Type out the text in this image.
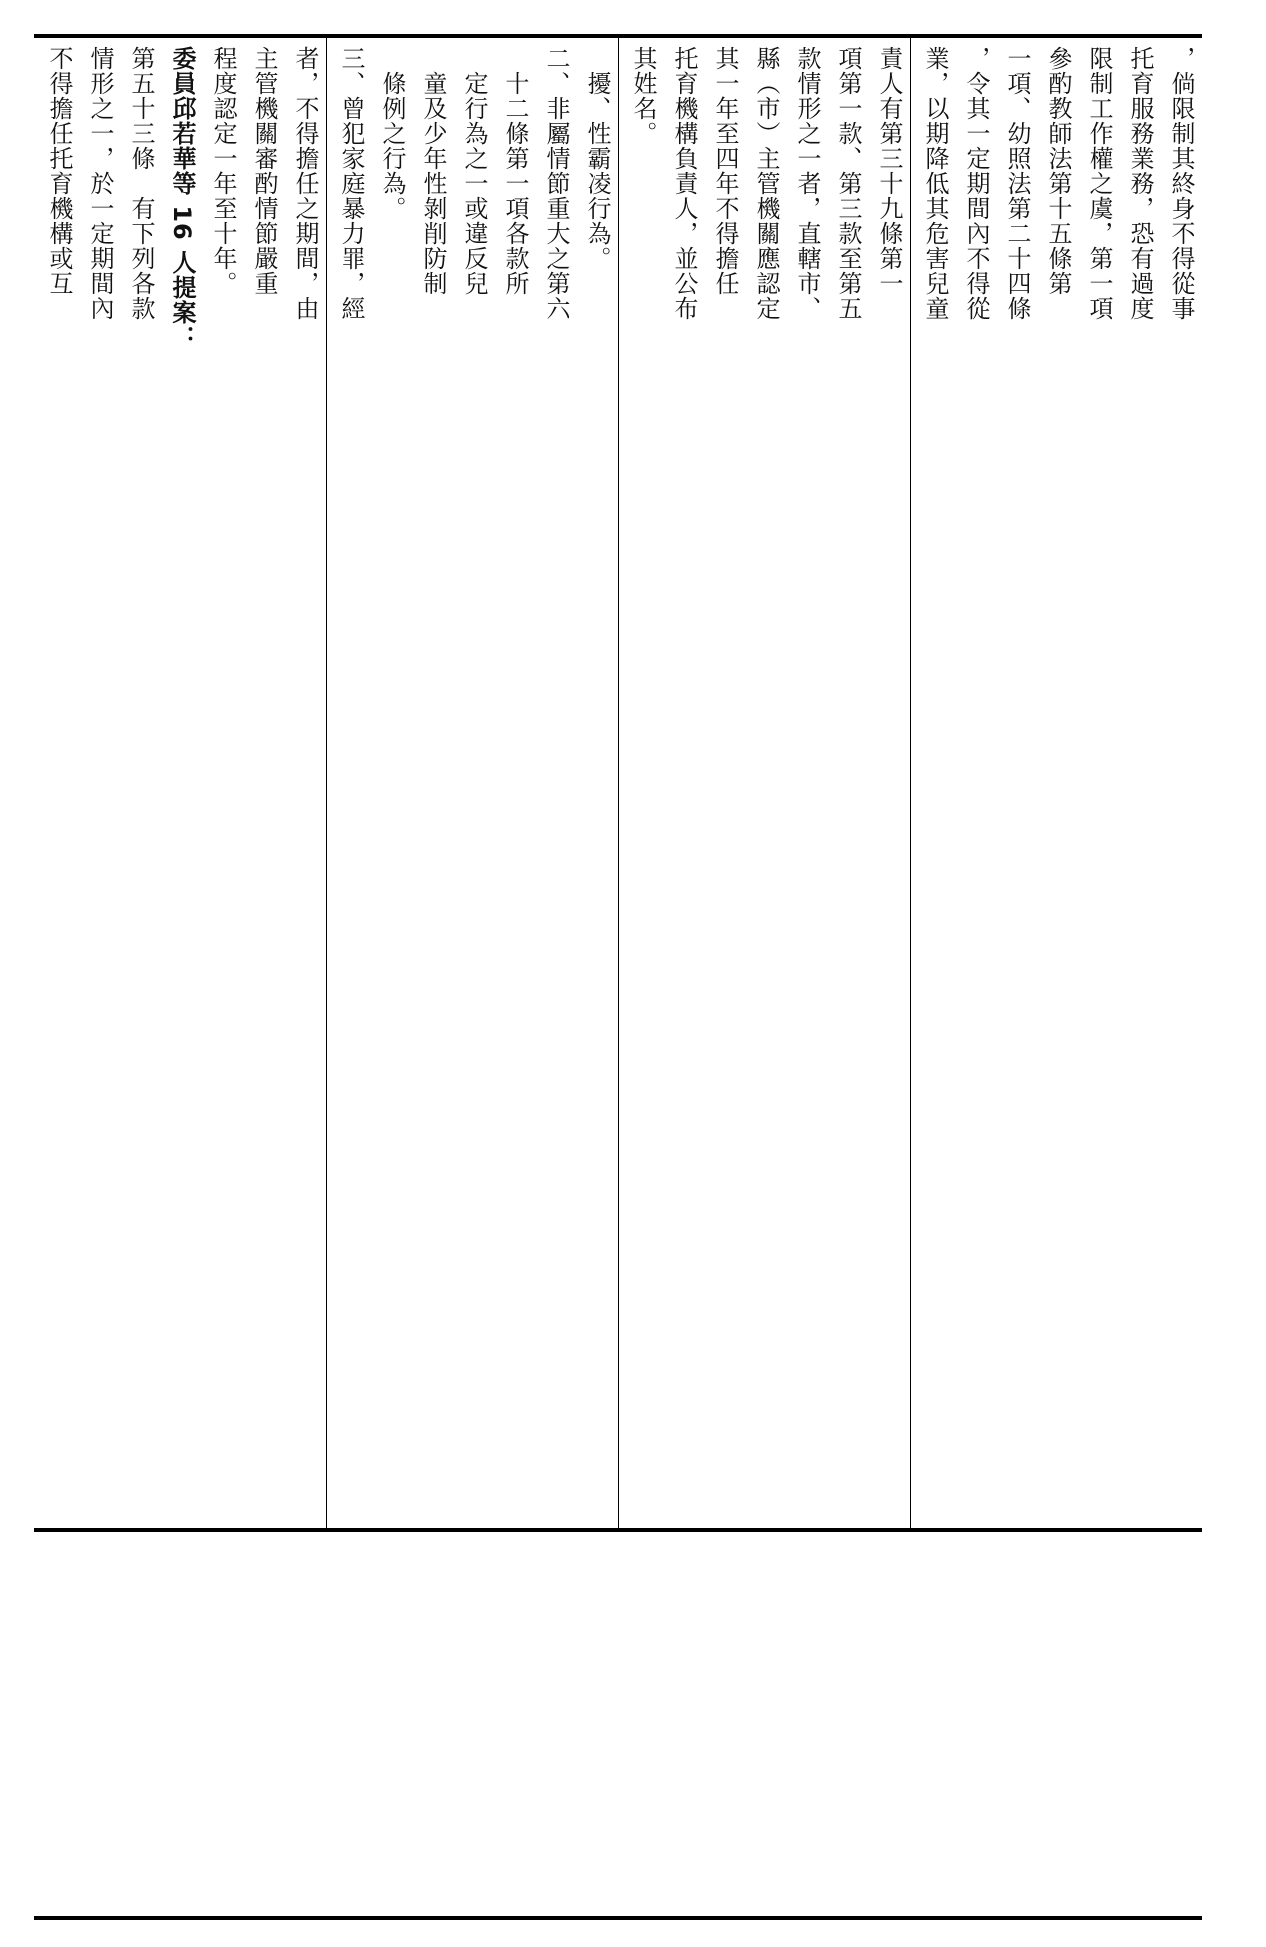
，倘限制其終身不得從事
托育服務業務，恐有過度
限制工作權之虞，第一項
參酌教師法第十五條第
一項、幼照法第二十四條
，令其一定期間內不得從
業，以期降低其危害兒童
責人有第三十九條第一
項第一款、第三款至第五
款情形之一者，直轄市、
縣（市）主管機關應認定
其一年至四年不得擔任
托育機構負責人，並公布
其姓名。
　擾、性霸凌行為。
二、非屬情節重大之第六
　十二條第一項各款所
　定行為之一或違反兒
　童及少年性剝削防制
　條例之行為。
三、曾犯家庭暴力罪，經
者，不得擔任之期間，由
主管機關審酌情節嚴重
程度認定一年至十年。
委員邱若華等 16 人提案：
第五十三條　有下列各款
情形之一，於一定期間內
不得擔任托育機構或互
